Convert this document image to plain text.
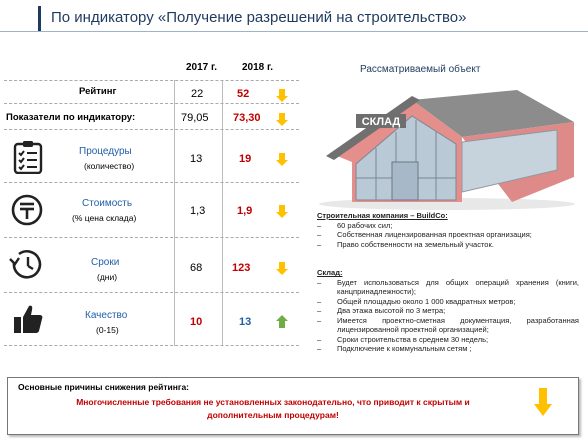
По индикатору «Получение разрешений на строительство»
2017 г.	2018 г.
Рейтинг	22	52
Показатели по индикатору:	79,05 73,30
Процедуры
(количество)
13	19
Стоимость
(% цена склада)
1,3	1,9
Сроки
(дни)
68	123
Качество
(0-15)
10	13
Рассматриваемый объект
СКЛАД
Строительная компания – BuildCo:
– 60 рабочих сил;
– Собственная лицензированная проектная организация;
– Право собственности на земельный участок.
Склад:
– Будет использоваться для общих операций хранения (книги, канцпринадлежности);
– Общей площадью около 1 000 квадратных метров;
– Два этажа высотой по 3 метра;
– Имеется проектно-сметная документация, разработанная лицензированной проектной организацией;
– Сроки строительства в среднем 30 недель;
– Подключение к коммунальным сетям ;
Основные причины снижения рейтинга:
Многочисленные требования не установленных законодательно, что приводит к скрытым и дополнительным процедурам!
